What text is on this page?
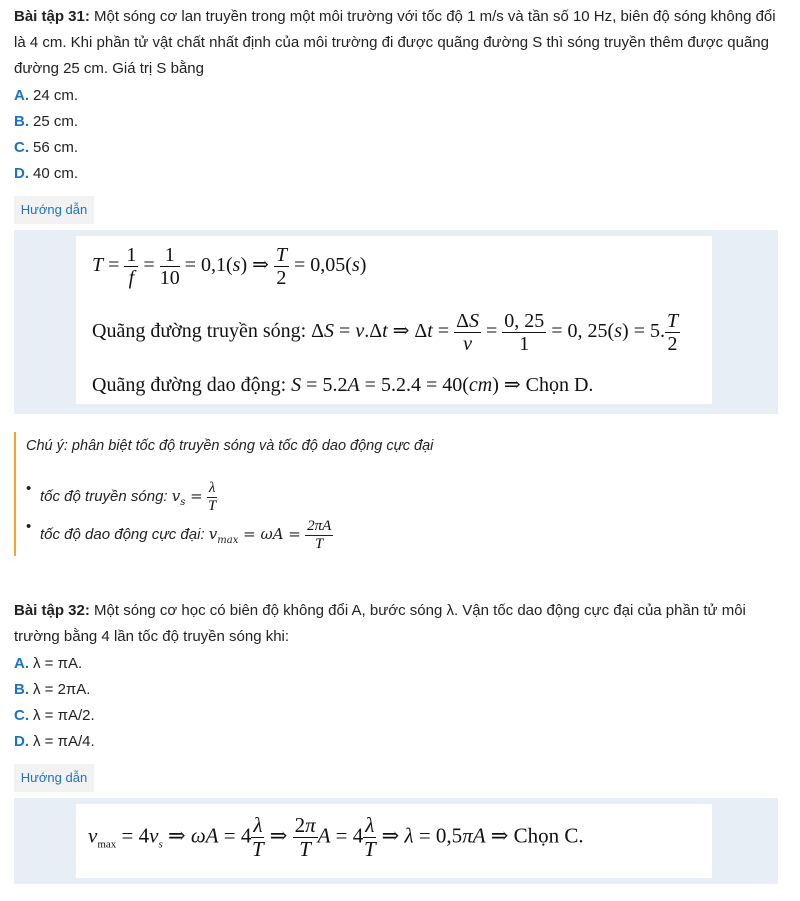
Bài tập 31: Một sóng cơ lan truyền trong một môi trường với tốc độ 1 m/s và tần số 10 Hz, biên độ sóng không đổi
là 4 cm. Khi phần tử vật chất nhất định của môi trường đi được quãng đường S thì sóng truyền thêm được quãng
đường 25 cm. Giá trị S bằng
A. 24 cm.
B. 25 cm.
C. 56 cm.
D. 40 cm.
Hướng dẫn
$T = \frac{1}{f} = \frac{1}{10} = 0,1(s)$ ⇒ $\frac{T}{2} = 0,05(s)$
Quãng đường truyền sóng: ΔS = v.Δt ⇒ $\Delta t = \frac{\Delta S}{v} = \frac{0, 25}{1} = 0$, 25(s) = 5. $\frac{T}{2}$
Quãng đường dao động: S = 5.2A = 5.2.4 = 40(cm) ⇒ Chọn D.
Chú ý: phân biệt tốc độ truyền sóng và tốc độ dao động cực đại
• tốc độ truyền sóng: $v_s = \frac{\lambda}{T}$
• tốc độ dao động cực đại: $v_{max} = \omega A = \frac{2\pi A}{T}$
Bài tập 32: Một sóng cơ học có biên độ không đổi A, bước sóng λ. Vận tốc dao động cực đại của phần tử môi
trường bằng 4 lần tốc độ truyền sóng khi:
A. λ = πA.
B. λ = 2πA.
C. λ = πA/2.
D. λ = πA/4.
Hướng dẫn
$v_{max} = 4v_s$ ⇒ $\omega A = 4 \frac{\lambda}{T}$ ⇒ $\frac{2\pi}{T}$ $A = 4 \frac{\lambda}{T}$ ⇒ λ = 0,5πA ⇒ Chọn C.
